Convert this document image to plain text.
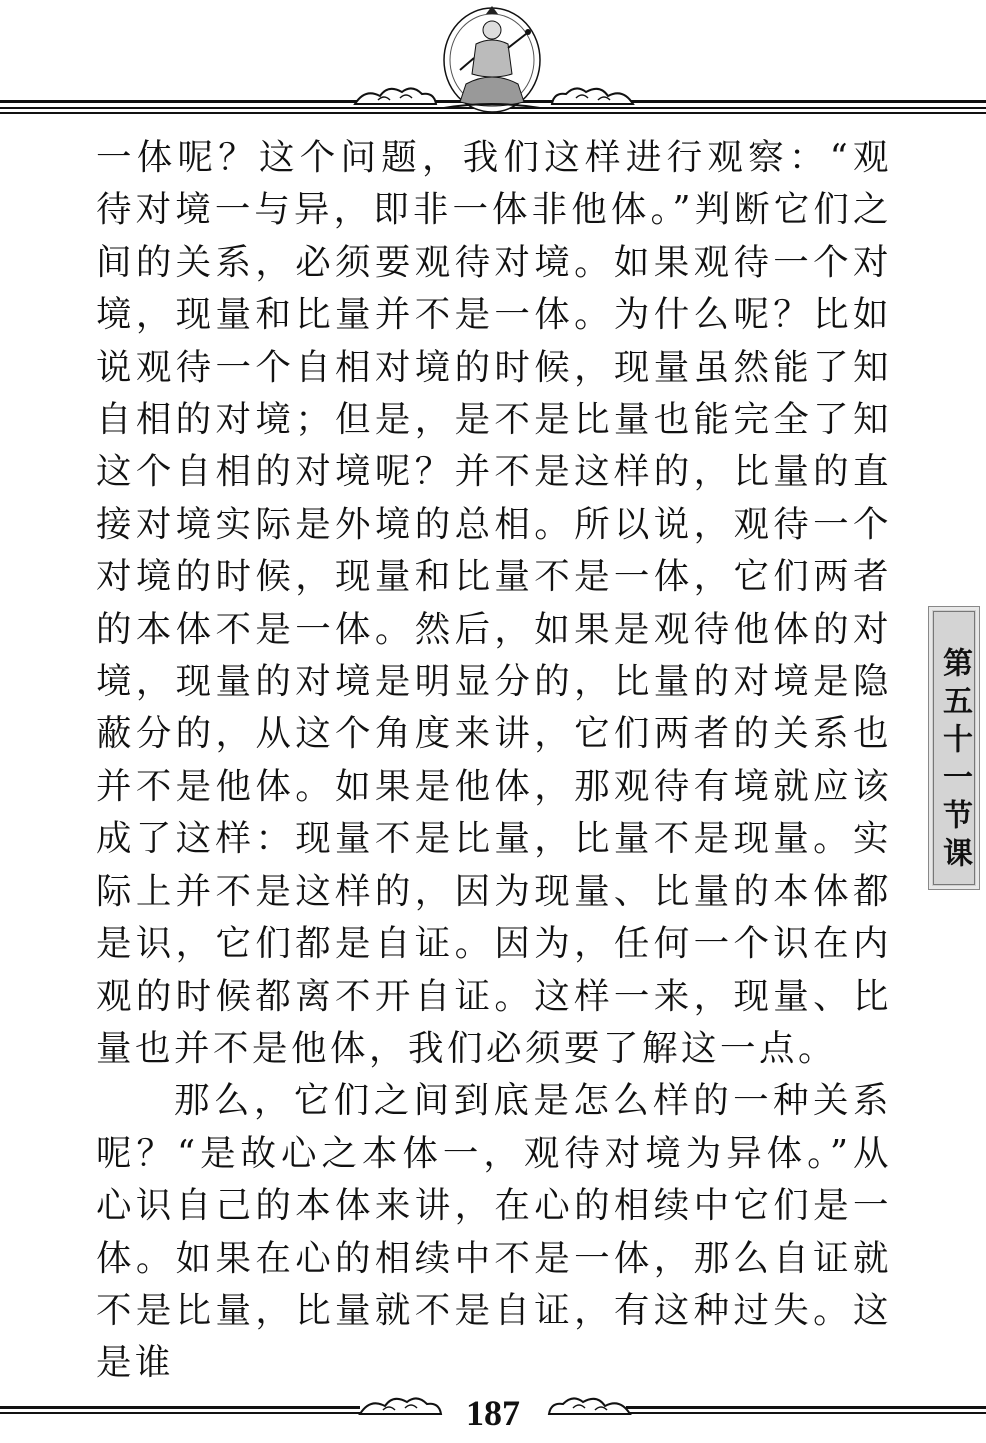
一体呢？这个问题，我们这样进行观察：“观待对境一与异，即非一体非他体。”判断它们之间的关系，必须要观待对境。如果观待一个对境，现量和比量并不是一体。为什么呢？比如说观待一个自相对境的时候，现量虽然能了知自相的对境；但是，是不是比量也能完全了知这个自相的对境呢？并不是这样的，比量的直接对境实际是外境的总相。所以说，观待一个对境的时候，现量和比量不是一体，它们两者的本体不是一体。然后，如果是观待他体的对境，现量的对境是明显分的，比量的对境是隐蔽分的，从这个角度来讲，它们两者的关系也并不是他体。如果是他体，那观待有境就应该成了这样：现量不是比量，比量不是现量。实际上并不是这样的，因为现量、比量的本体都是识，它们都是自证。因为，任何一个识在内观的时候都离不开自证。这样一来，现量、比量也并不是他体，我们必须要了解这一点。

那么，它们之间到底是怎么样的一种关系呢？“是故心之本体一，观待对境为异体。”从心识自己的本体来讲，在心的相续中它们是一体。如果在心的相续中不是一体，那么自证就不是比量，比量就不是自证，有这种过失。这是谁

第五十一节课
187
